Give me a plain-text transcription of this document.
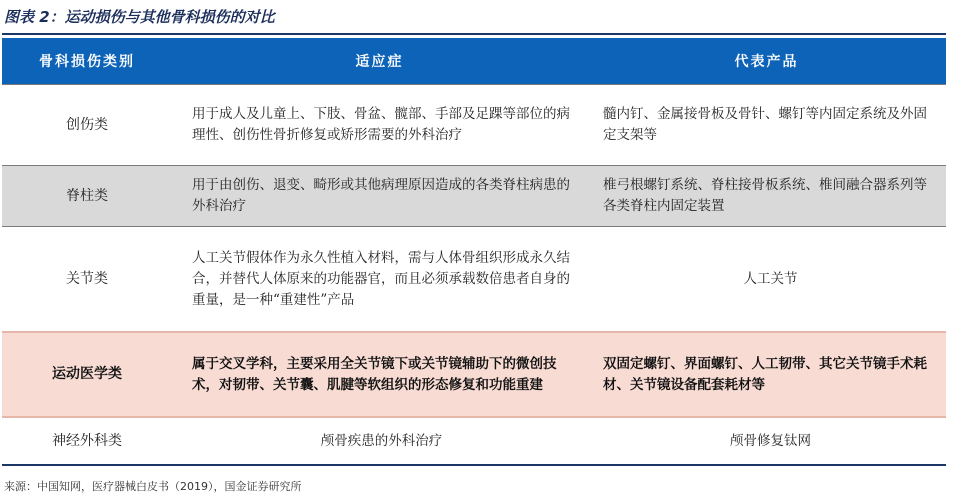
图表 2：运动损伤与其他骨科损伤的对比
骨科损伤类别	适应症	代表产品
创伤类	用于成人及儿童上、下肢、骨盆、髋部、手部及足踝等部位的病理性、创伤性骨折修复或矫形需要的外科治疗	髓内钉、金属接骨板及骨针、螺钉等内固定系统及外固定支架等
脊柱类	用于由创伤、退变、畸形或其他病理原因造成的各类脊柱病患的外科治疗	椎弓根螺钉系统、脊柱接骨板系统、椎间融合器系列等各类脊柱内固定装置
关节类	人工关节假体作为永久性植入材料，需与人体骨组织形成永久结合，并替代人体原来的功能器官，而且必须承载数倍患者自身的重量，是一种“重建性”产品	人工关节
运动医学类	属于交叉学科，主要采用全关节镜下或关节镜辅助下的微创技术，对韧带、关节囊、肌腱等软组织的形态修复和功能重建	双固定螺钉、界面螺钉、人工韧带、其它关节镜手术耗材、关节镜设备配套耗材等
神经外科类	颅骨疾患的外科治疗	颅骨修复钛网
来源：中国知网，医疗器械白皮书（2019），国金证券研究所
